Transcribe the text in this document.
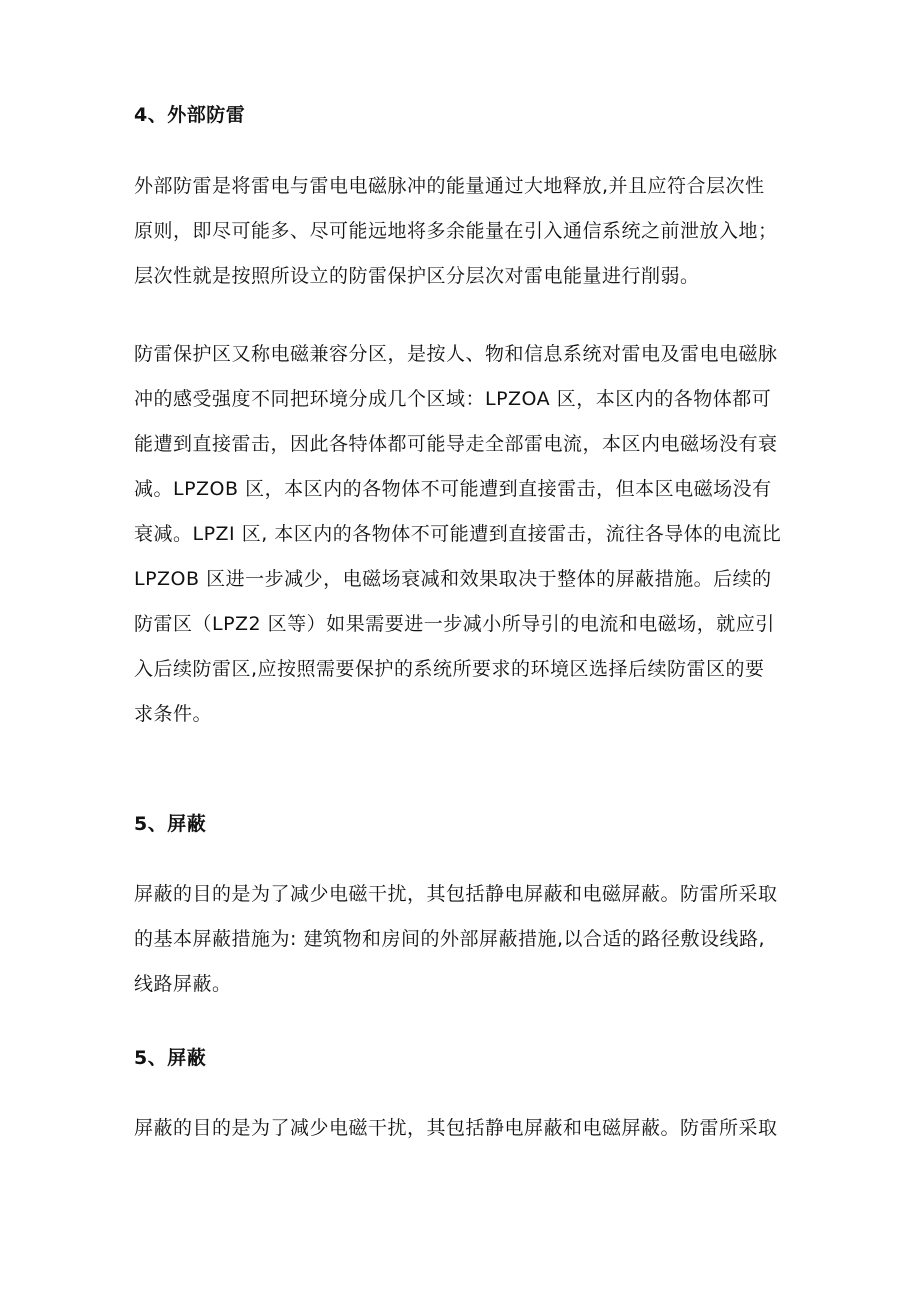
4、外部防雷

外部防雷是将雷电与雷电电磁脉冲的能量通过大地释放,并且应符合层次性
原则，即尽可能多、尽可能远地将多余能量在引入通信系统之前泄放入地；
层次性就是按照所设立的防雷保护区分层次对雷电能量进行削弱。

防雷保护区又称电磁兼容分区，是按人、物和信息系统对雷电及雷电电磁脉
冲的感受强度不同把环境分成几个区域：LPZOA 区，本区内的各物体都可
能遭到直接雷击，因此各特体都可能导走全部雷电流，本区内电磁场没有衰
减。LPZOB 区，本区内的各物体不可能遭到直接雷击，但本区电磁场没有
衰减。LPZI 区, 本区内的各物体不可能遭到直接雷击，流往各导体的电流比
LPZOB 区进一步减少，电磁场衰减和效果取决于整体的屏蔽措施。后续的
防雷区（LPZ2 区等）如果需要进一步减小所导引的电流和电磁场，就应引
入后续防雷区,应按照需要保护的系统所要求的环境区选择后续防雷区的要
求条件。

5、屏蔽

屏蔽的目的是为了减少电磁干扰，其包括静电屏蔽和电磁屏蔽。防雷所采取
的基本屏蔽措施为: 建筑物和房间的外部屏蔽措施,以合适的路径敷设线路,
线路屏蔽。

5、屏蔽

屏蔽的目的是为了减少电磁干扰，其包括静电屏蔽和电磁屏蔽。防雷所采取
